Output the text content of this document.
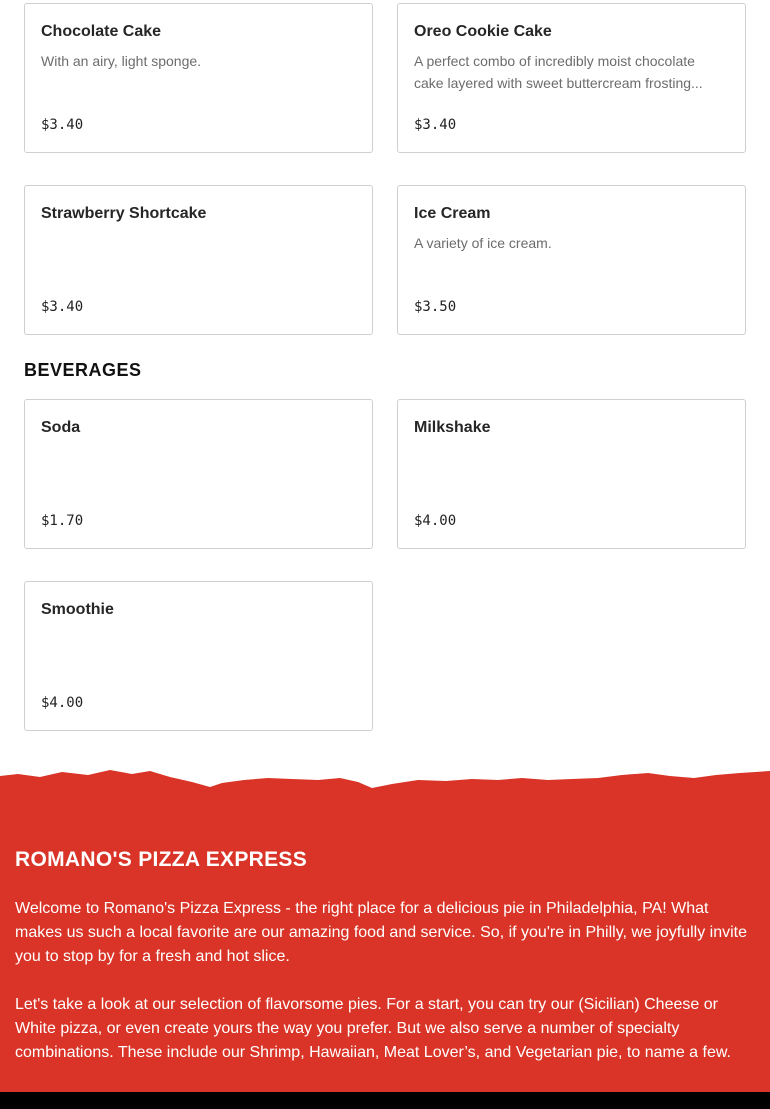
Chocolate Cake
With an airy, light sponge.
$3.40
Oreo Cookie Cake
A perfect combo of incredibly moist chocolate cake layered with sweet buttercream frosting...
$3.40
Strawberry Shortcake
$3.40
Ice Cream
A variety of ice cream.
$3.50
BEVERAGES
Soda
$1.70
Milkshake
$4.00
Smoothie
$4.00
ROMANO'S PIZZA EXPRESS

Welcome to Romano's Pizza Express - the right place for a delicious pie in Philadelphia, PA! What makes us such a local favorite are our amazing food and service. So, if you're in Philly, we joyfully invite you to stop by for a fresh and hot slice.

Let's take a look at our selection of flavorsome pies. For a start, you can try our (Sicilian) Cheese or White pizza, or even create yours the way you prefer. But we also serve a number of specialty combinations. These include our Shrimp, Hawaiian, Meat Lover’s, and Vegetarian pie, to name a few.
